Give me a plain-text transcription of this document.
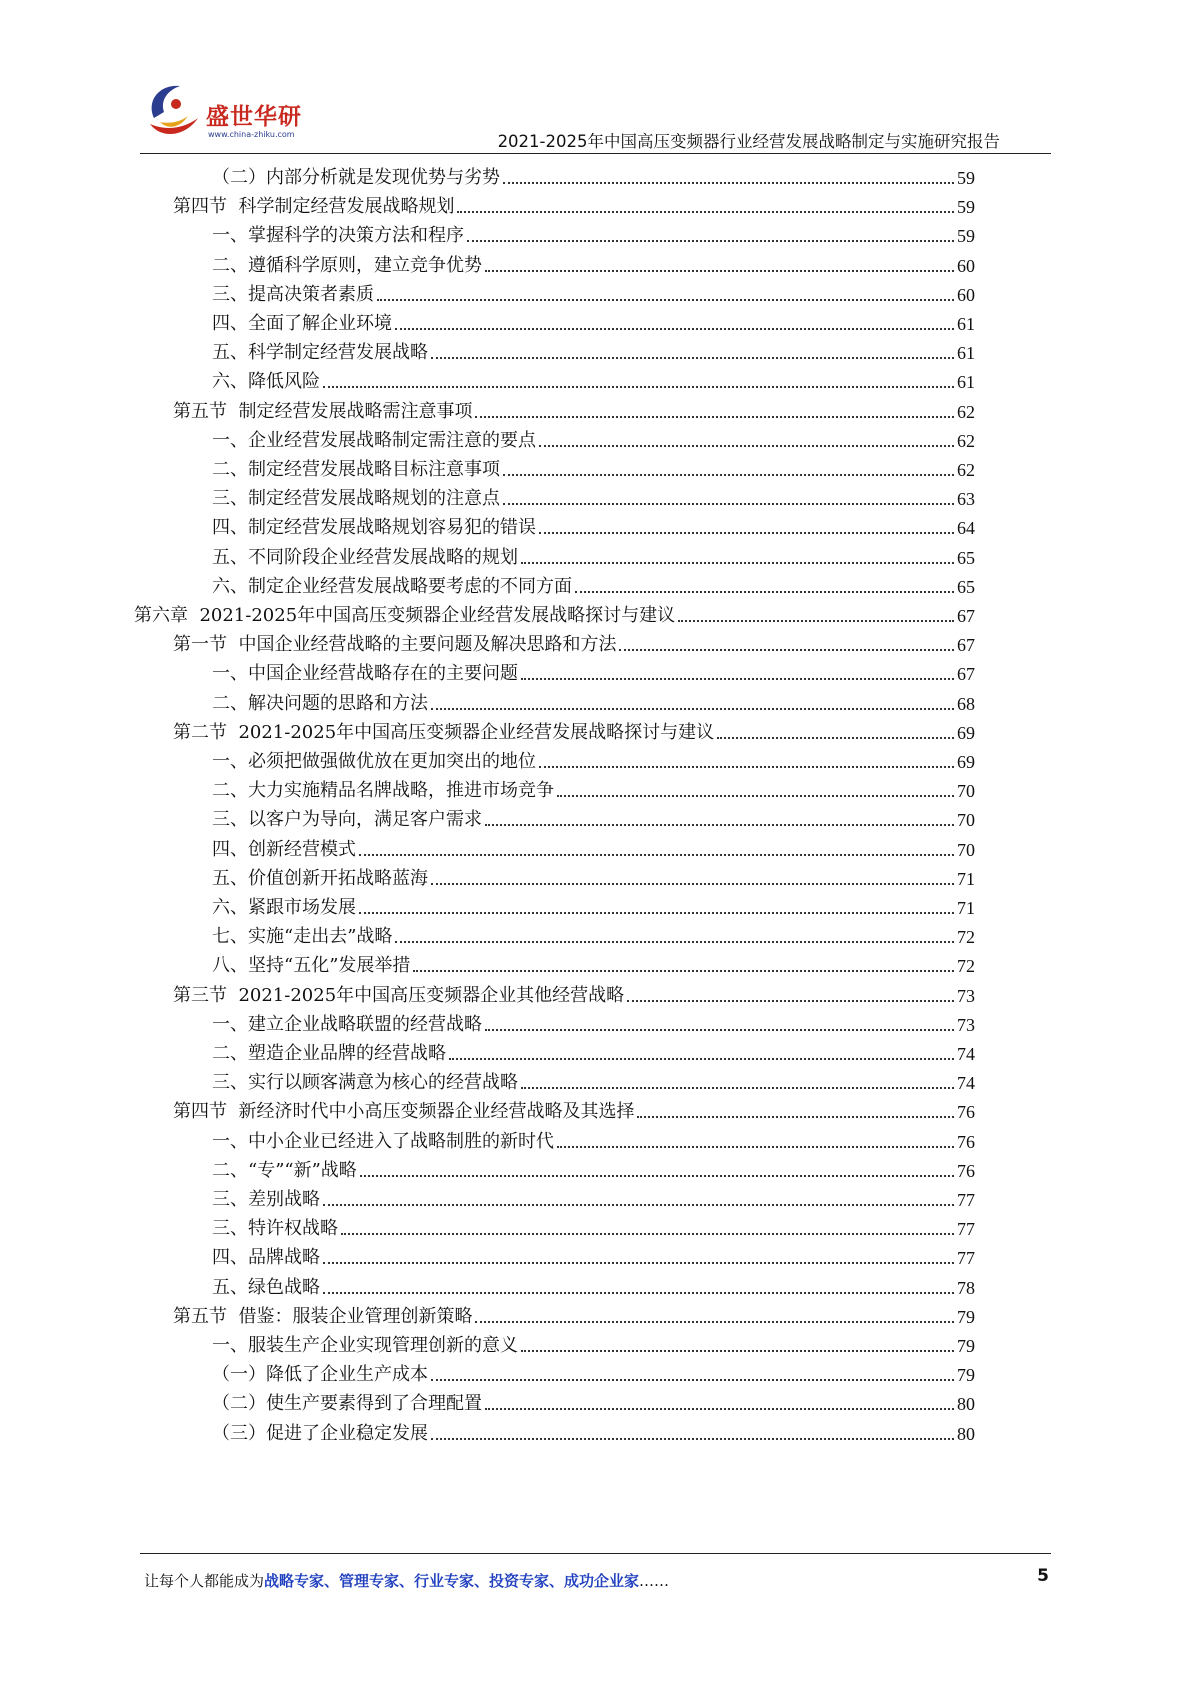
盛世华研
www.china-zhiku.com	2021-2025年中国高压变频器行业经营发展战略制定与实施研究报告
（二）内部分析就是发现优势与劣势	59
第四节  科学制定经营发展战略规划	59
一、掌握科学的决策方法和程序	59
二、遵循科学原则，建立竞争优势	60
三、提高决策者素质	60
四、全面了解企业环境	61
五、科学制定经营发展战略	61
六、降低风险	61
第五节  制定经营发展战略需注意事项	62
一、企业经营发展战略制定需注意的要点	62
二、制定经营发展战略目标注意事项	62
三、制定经营发展战略规划的注意点	63
四、制定经营发展战略规划容易犯的错误	64
五、不同阶段企业经营发展战略的规划	65
六、制定企业经营发展战略要考虑的不同方面	65
第六章  2021-2025年中国高压变频器企业经营发展战略探讨与建议	67
第一节  中国企业经营战略的主要问题及解决思路和方法	67
一、中国企业经营战略存在的主要问题	67
二、解决问题的思路和方法	68
第二节  2021-2025年中国高压变频器企业经营发展战略探讨与建议	69
一、必须把做强做优放在更加突出的地位	69
二、大力实施精品名牌战略，推进市场竞争	70
三、以客户为导向，满足客户需求	70
四、创新经营模式	70
五、价值创新开拓战略蓝海	71
六、紧跟市场发展	71
七、实施“走出去”战略	72
八、坚持“五化”发展举措	72
第三节  2021-2025年中国高压变频器企业其他经营战略	73
一、建立企业战略联盟的经营战略	73
二、塑造企业品牌的经营战略	74
三、实行以顾客满意为核心的经营战略	74
第四节  新经济时代中小高压变频器企业经营战略及其选择	76
一、中小企业已经进入了战略制胜的新时代	76
二、“专”“新”战略	76
三、差别战略	77
三、特许权战略	77
四、品牌战略	77
五、绿色战略	78
第五节  借鉴：服装企业管理创新策略	79
一、服装生产企业实现管理创新的意义	79
（一）降低了企业生产成本	79
（二）使生产要素得到了合理配置	80
（三）促进了企业稳定发展	80
让每个人都能成为战略专家、管理专家、行业专家、投资专家、成功企业家……	5
